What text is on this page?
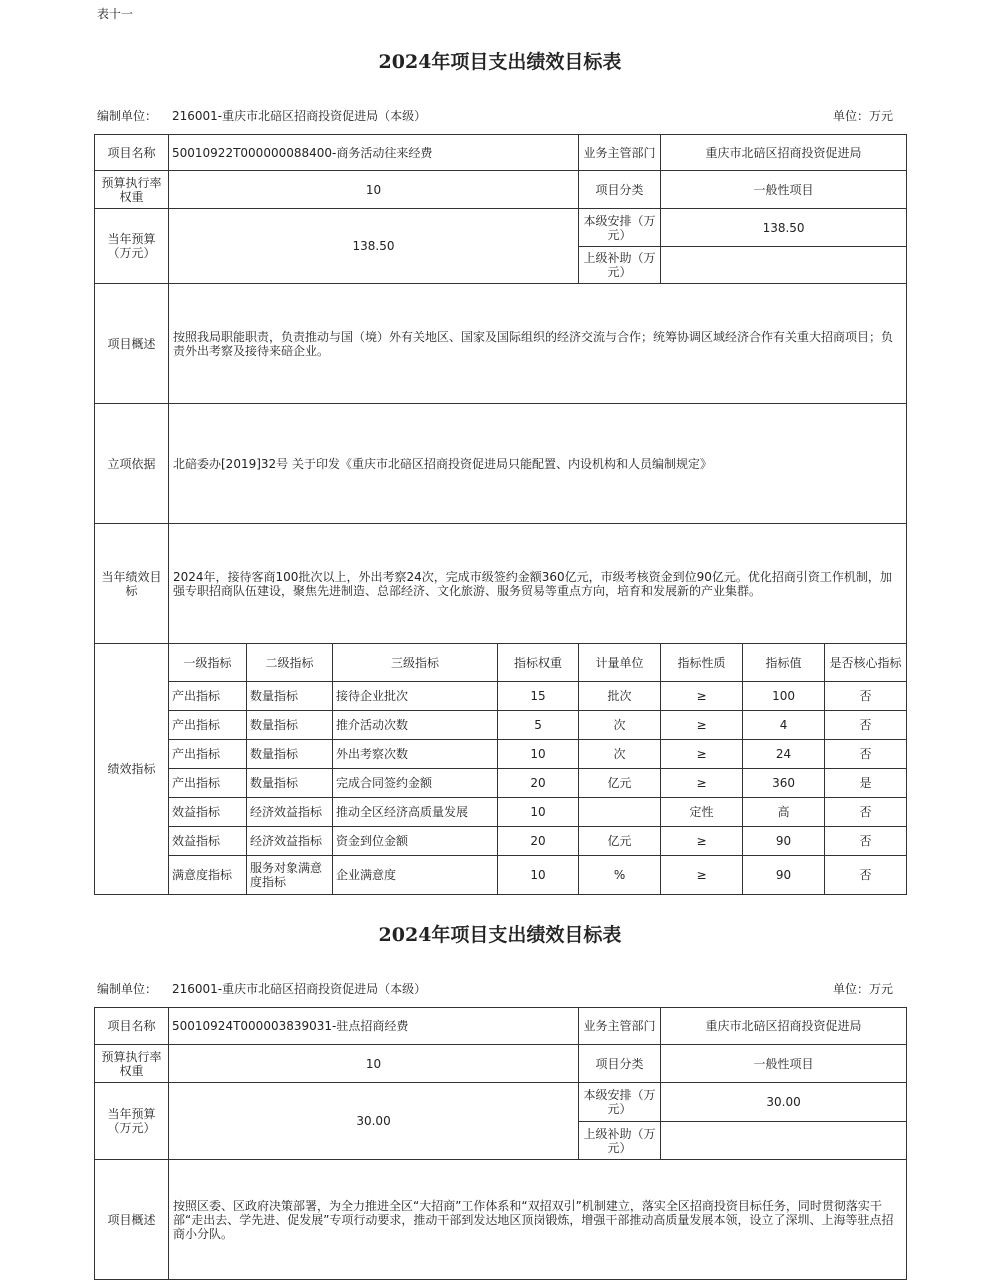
表十一
2024年项目支出绩效目标表
编制单位： 216001-重庆市北碚区招商投资促进局（本级）	单位：万元
项目名称	50010922T000000088400-商务活动往来经费				业务主管部门	重庆市北碚区招商投资促进局		
预算执行率权重	10				项目分类	一般性项目		
当年预算（万元）	138.50				本级安排（万元）	138.50		
					上级补助（万元）			
项目概述	按照我局职能职责，负责推动与国（境）外有关地区、国家及国际组织的经济交流与合作；统筹协调区域经济合作有关重大招商项目；负责外出考察及接待来碚企业。							
立项依据	北碚委办[2019]32号 关于印发《重庆市北碚区招商投资促进局只能配置、内设机构和人员编制规定》							
当年绩效目标	2024年，接待客商100批次以上，外出考察24次，完成市级签约金额360亿元，市级考核资金到位90亿元。优化招商引资工作机制，加强专职招商队伍建设，聚焦先进制造、总部经济、文化旅游、服务贸易等重点方向，培育和发展新的产业集群。							
绩效指标	一级指标	二级指标	三级指标	指标权重	计量单位	指标性质	指标值	是否核心指标
	产出指标	数量指标	接待企业批次	15	批次	≥	100	否
	产出指标	数量指标	推介活动次数	5	次	≥	4	否
	产出指标	数量指标	外出考察次数	10	次	≥	24	否
	产出指标	数量指标	完成合同签约金额	20	亿元	≥	360	是
	效益指标	经济效益指标	推动全区经济高质量发展	10		定性	高	否
	效益指标	经济效益指标	资金到位金额	20	亿元	≥	90	否
	满意度指标	服务对象满意度指标	企业满意度	10	%	≥	90	否
2024年项目支出绩效目标表
编制单位： 216001-重庆市北碚区招商投资促进局（本级）	单位：万元
项目名称	50010924T000003839031-驻点招商经费	业务主管部门	重庆市北碚区招商投资促进局
预算执行率权重	10	项目分类	一般性项目
当年预算（万元）	30.00	本级安排（万元）	30.00
		上级补助（万元）	
项目概述	按照区委、区政府决策部署，为全力推进全区“大招商”工作体系和“双招双引”机制建立，落实全区招商投资目标任务，同时贯彻落实干部“走出去、学先进、促发展”专项行动要求，推动干部到发达地区顶岗锻炼，增强干部推动高质量发展本领，设立了深圳、上海等驻点招商小分队。		
